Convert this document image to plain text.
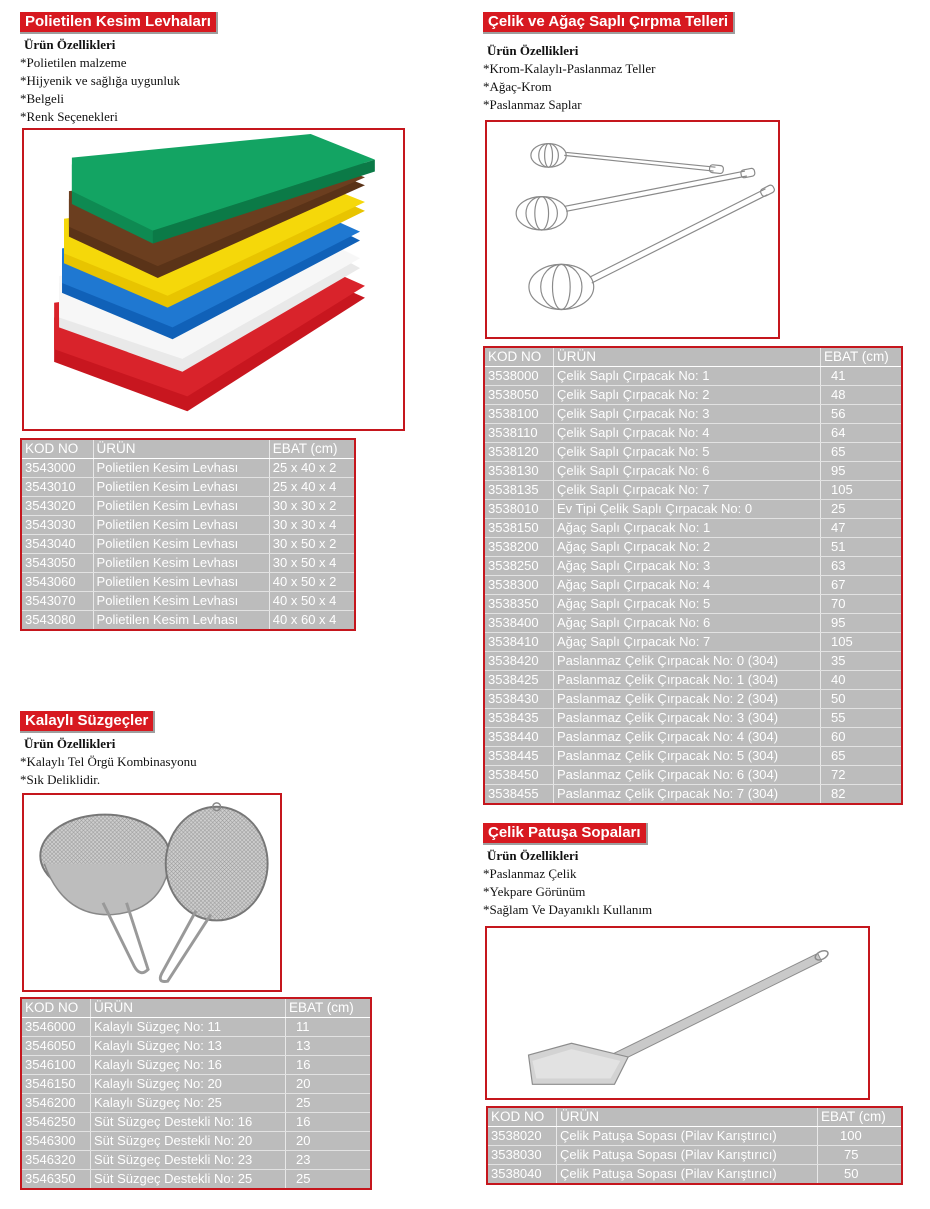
Polietilen Kesim Levhaları
Ürün Özellikleri
*Polietilen malzeme
*Hijyenik ve sağlığa uygunluk
*Belgeli
*Renk Seçenekleri
KOD NO	ÜRÜN	EBAT (cm)
3543000	Polietilen Kesim Levhası	25 x 40 x 2
3543010	Polietilen Kesim Levhası	25 x 40 x 4
3543020	Polietilen Kesim Levhası	30 x 30 x 2
3543030	Polietilen Kesim Levhası	30 x 30 x 4
3543040	Polietilen Kesim Levhası	30 x 50 x 2
3543050	Polietilen Kesim Levhası	30 x 50 x 4
3543060	Polietilen Kesim Levhası	40 x 50 x 2
3543070	Polietilen Kesim Levhası	40 x 50 x 4
3543080	Polietilen Kesim Levhası	40 x 60 x 4
Çelik ve Ağaç Saplı Çırpma Telleri
Ürün Özellikleri
*Krom-Kalaylı-Paslanmaz Teller
*Ağaç-Krom
*Paslanmaz Saplar
KOD NO	ÜRÜN	EBAT (cm)
3538000	Çelik Saplı Çırpacak No: 1	41
3538050	Çelik Saplı Çırpacak No: 2	48
3538100	Çelik Saplı Çırpacak No: 3	56
3538110	Çelik Saplı Çırpacak No: 4	64
3538120	Çelik Saplı Çırpacak No: 5	65
3538130	Çelik Saplı Çırpacak No: 6	95
3538135	Çelik Saplı Çırpacak No: 7	105
3538010	Ev Tipi Çelik Saplı Çırpacak No: 0	25
3538150	Ağaç Saplı Çırpacak No: 1	47
3538200	Ağaç Saplı Çırpacak No: 2	51
3538250	Ağaç Saplı Çırpacak No: 3	63
3538300	Ağaç Saplı Çırpacak No: 4	67
3538350	Ağaç Saplı Çırpacak No: 5	70
3538400	Ağaç Saplı Çırpacak No: 6	95
3538410	Ağaç Saplı Çırpacak No: 7	105
3538420	Paslanmaz Çelik Çırpacak No: 0 (304)	35
3538425	Paslanmaz Çelik Çırpacak No: 1 (304)	40
3538430	Paslanmaz Çelik Çırpacak No: 2 (304)	50
3538435	Paslanmaz Çelik Çırpacak No: 3 (304)	55
3538440	Paslanmaz Çelik Çırpacak No: 4 (304)	60
3538445	Paslanmaz Çelik Çırpacak No: 5 (304)	65
3538450	Paslanmaz Çelik Çırpacak No: 6 (304)	72
3538455	Paslanmaz Çelik Çırpacak No: 7 (304)	82
Kalaylı Süzgeçler
Ürün Özellikleri
*Kalaylı Tel Örgü Kombinasyonu
*Sık Deliklidir.
KOD NO	ÜRÜN	EBAT (cm)
3546000	Kalaylı Süzgeç No: 11	11
3546050	Kalaylı Süzgeç No: 13	13
3546100	Kalaylı Süzgeç No: 16	16
3546150	Kalaylı Süzgeç No: 20	20
3546200	Kalaylı Süzgeç No: 25	25
3546250	Süt Süzgeç Destekli No: 16	16
3546300	Süt Süzgeç Destekli No: 20	20
3546320	Süt Süzgeç Destekli No: 23	23
3546350	Süt Süzgeç Destekli No: 25	25
Çelik Patuşa Sopaları
Ürün Özellikleri
*Paslanmaz Çelik
*Yekpare Görünüm
*Sağlam Ve Dayanıklı Kullanım
KOD NO	ÜRÜN	EBAT (cm)
3538020	Çelik Patuşa Sopası (Pilav Karıştırıcı)	100
3538030	Çelik Patuşa Sopası (Pilav Karıştırıcı)	75
3538040	Çelik Patuşa Sopası (Pilav Karıştırıcı)	50
